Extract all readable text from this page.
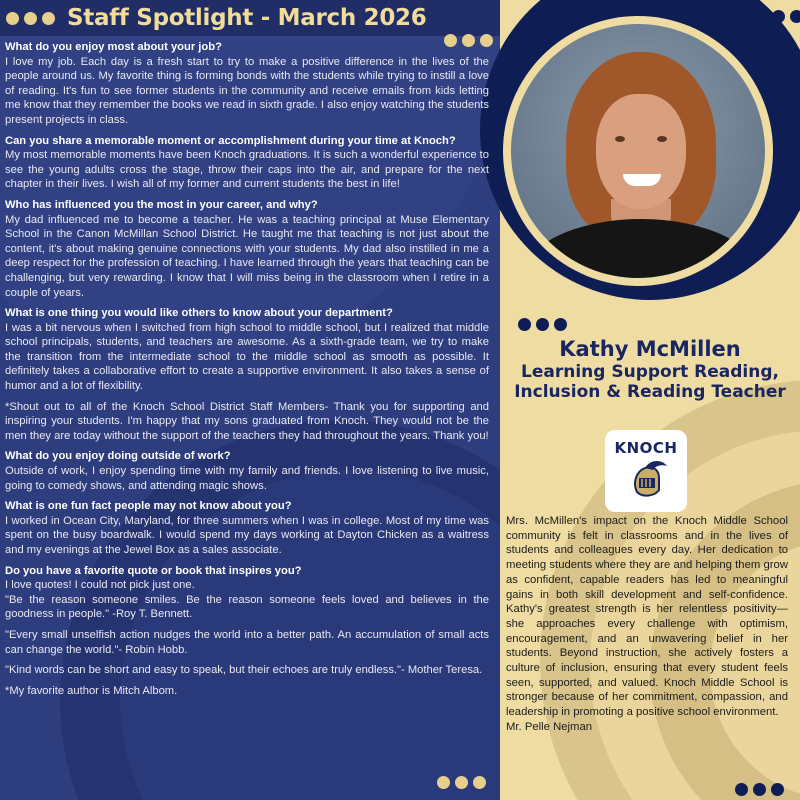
Staff Spotlight - March 2026
What do you enjoy most about your job?
I love my job. Each day is a fresh start to try to make a positive difference in the lives of the people around us. My favorite thing is forming bonds with the students while trying to instill a love of reading. It's fun to see former students in the community and receive emails from kids letting me know that they remember the books we read in sixth grade. I also enjoy watching the students present projects in class.
Can you share a memorable moment or accomplishment during your time at Knoch?
My most memorable moments have been Knoch graduations. It is such a wonderful experience to see the young adults cross the stage, throw their caps into the air, and prepare for the next chapter in their lives. I wish all of my former and current students the best in life!
Who has influenced you the most in your career, and why?
My dad influenced me to become a teacher. He was a teaching principal at Muse Elementary School in the Canon McMillan School District. He taught me that teaching is not just about the content, it's about making genuine connections with your students. My dad also instilled in me a deep respect for the profession of teaching. I have learned through the years that teaching can be challenging, but very rewarding. I know that I will miss being in the classroom when I retire in a couple of years.
What is one thing you would like others to know about your department?
I was a bit nervous when I switched from high school to middle school, but I realized that middle school principals, students, and teachers are awesome. As a sixth-grade team, we try to make the transition from the intermediate school to the middle school as smooth as possible. It definitely takes a collaborative effort to create a supportive environment. It also takes a sense of humor and a lot of flexibility.
*Shout out to all of the Knoch School District Staff Members- Thank you for supporting and inspiring your students. I'm happy that my sons graduated from Knoch. They would not be the men they are today without the support of the teachers they had throughout the years. Thank you!
What do you enjoy doing outside of work?
Outside of work, I enjoy spending time with my family and friends. I love listening to live music, going to comedy shows, and attending magic shows.
What is one fun fact people may not know about you?
I worked in Ocean City, Maryland, for three summers when I was in college. Most of my time was spent on the busy boardwalk. I would spend my days working at Dayton Chicken as a waitress and my evenings at the Jewel Box as a sales associate.
Do you have a favorite quote or book that inspires you?
I love quotes! I could not pick just one.
"Be the reason someone smiles. Be the reason someone feels loved and believes in the goodness in people." -Roy T. Bennett.
"Every small unselfish action nudges the world into a better path. An accumulation of small acts can change the world."- Robin Hobb.
"Kind words can be short and easy to speak, but their echoes are truly endless."- Mother Teresa.
*My favorite author is Mitch Albom.
Kathy McMillen
Learning Support Reading,
Inclusion & Reading Teacher
KNOCH
Mrs. McMillen's impact on the Knoch Middle School community is felt in classrooms and in the lives of students and colleagues every day. Her dedication to meeting students where they are and helping them grow as confident, capable readers has led to meaningful gains in both skill development and self-confidence. Kathy's greatest strength is her relentless positivity—she approaches every challenge with optimism, encouragement, and an unwavering belief in her students. Beyond instruction, she actively fosters a culture of inclusion, ensuring that every student feels seen, supported, and valued. Knoch Middle School is stronger because of her commitment, compassion, and leadership in promoting a positive school environment.
Mr. Pelle Nejman
